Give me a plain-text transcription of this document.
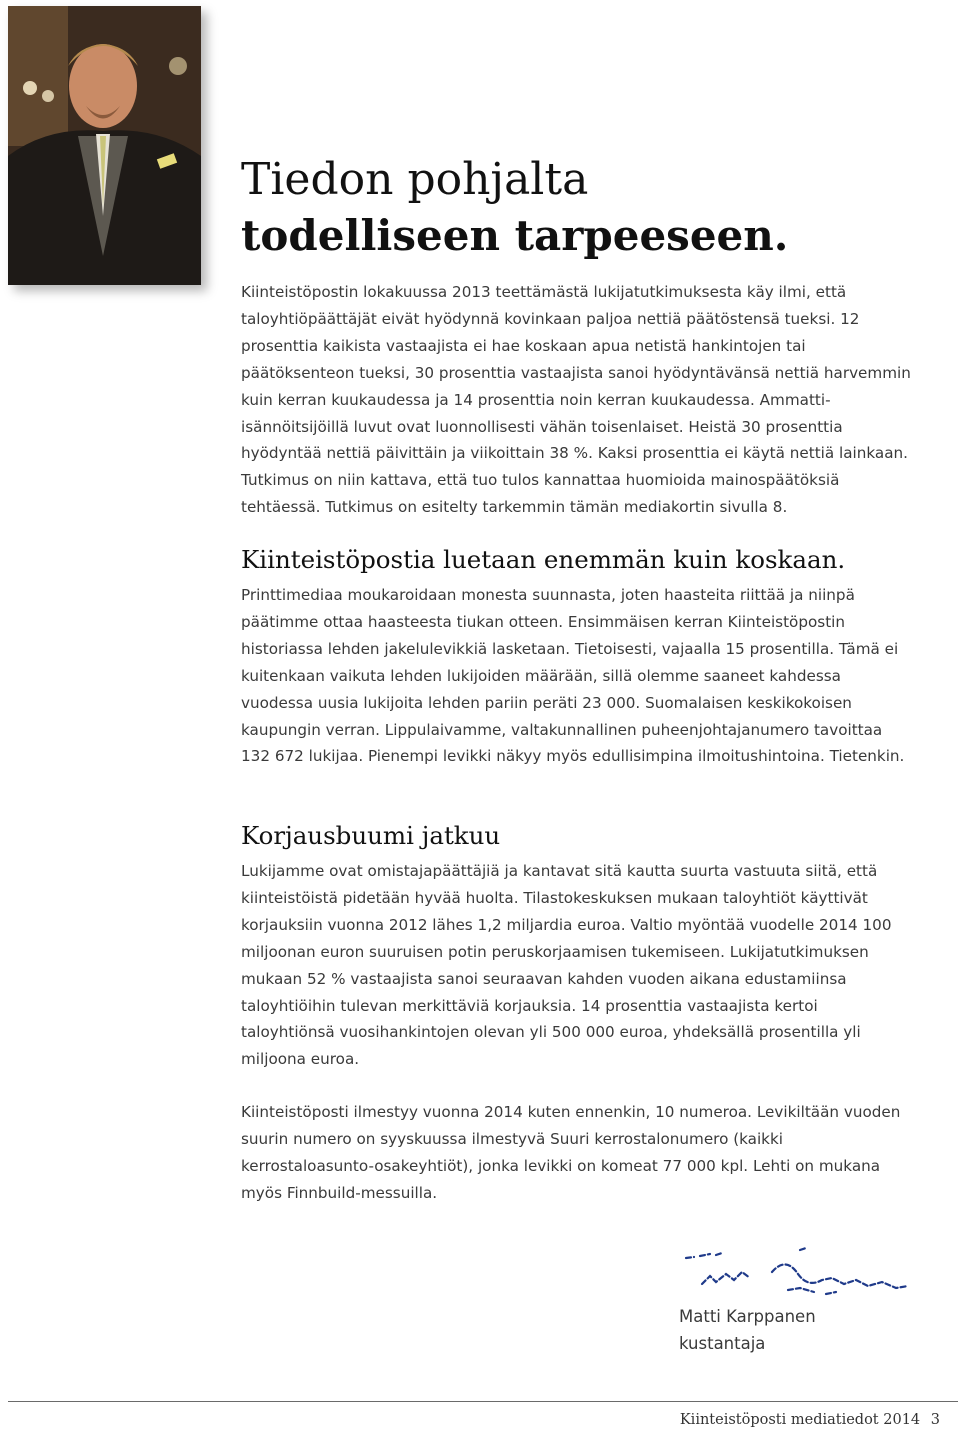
Tiedon pohjalta
todelliseen tarpeeseen.

Kiinteistöpostin lokakuussa 2013 teettämästä lukijatutkimuksesta käy ilmi, että taloyhtiöpäättäjät eivät hyödynnä kovinkaan paljoa nettiä päätöstensä tueksi. 12 prosenttia kaikista vastaajista ei hae koskaan apua netistä hankintojen tai päätöksenteon tueksi, 30 prosenttia vastaajista sanoi hyödyntävänsä nettiä harvemmin kuin kerran kuukaudessa ja 14 prosenttia noin kerran kuukaudessa. Ammatti-isännöitsijöillä luvut ovat luonnollisesti vähän toisenlaiset. Heistä 30 prosenttia hyödyntää nettiä päivittäin ja viikoittain 38 %. Kaksi prosenttia ei käytä nettiä lainkaan. Tutkimus on niin kattava, että tuo tulos kannattaa huomioida mainospäätöksiä tehtäessä. Tutkimus on esitelty tarkemmin tämän mediakortin sivulla 8.

Kiinteistöpostia luetaan enemmän kuin koskaan.

Printtimediaa moukaroidaan monesta suunnasta, joten haasteita riittää ja niinpä päätimme ottaa haasteesta tiukan otteen. Ensimmäisen kerran Kiinteistöpostin historiassa lehden jakelulevikkiä lasketaan. Tietoisesti, vajaalla 15 prosentilla. Tämä ei kuitenkaan vaikuta lehden lukijoiden määrään, sillä olemme saaneet kahdessa vuodessa uusia lukijoita lehden pariin peräti 23 000. Suomalaisen keskikokoisen kaupungin verran. Lippulaivamme, valtakunnallinen puheenjohtajanumero tavoittaa 132 672 lukijaa. Pienempi levikki näkyy myös edullisimpina ilmoitushintoina. Tietenkin.

Korjausbuumi jatkuu

Lukijamme ovat omistajapäättäjiä ja kantavat sitä kautta suurta vastuuta siitä, että kiinteistöistä pidetään hyvää huolta. Tilastokeskuksen mukaan taloyhtiöt käyttivät korjauksiin vuonna 2012 lähes 1,2 miljardia euroa. Valtio myöntää vuodelle 2014 100 miljoonan euron suuruisen potin peruskorjaamisen tukemiseen. Lukijatutkimuksen mukaan 52 % vastaajista sanoi seuraavan kahden vuoden aikana edustamiinsa taloyhtiöihin tulevan merkittäviä korjauksia. 14 prosenttia vastaajista kertoi taloyhtiönsä vuosihankintojen olevan yli 500 000 euroa, yhdeksällä prosentilla yli miljoona euroa.

Kiinteistöposti ilmestyy vuonna 2014 kuten ennenkin, 10 numeroa. Levikiltään vuoden suurin numero on syyskuussa ilmestyvä Suuri kerrostalonumero (kaikki kerrostaloasunto-osakeyhtiöt), jonka levikki on komeat 77 000 kpl. Lehti on mukana myös Finnbuild-messuilla.

Matti Karppanen

kustantaja

Kiinteistöposti mediatiedot 2014 3
